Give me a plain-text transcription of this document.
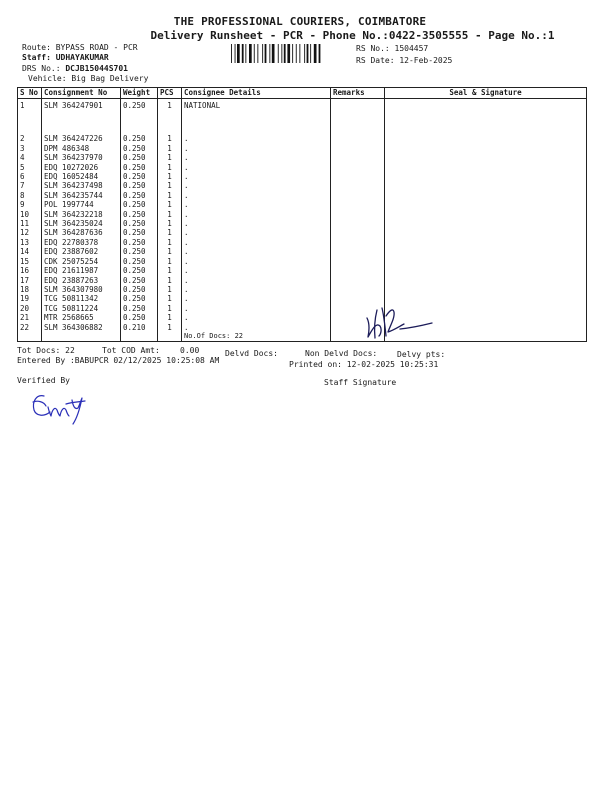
THE PROFESSIONAL COURIERS, COIMBATORE
Delivery Runsheet - PCR - Phone No.:0422-3505555 - Page No.:1
Route: BYPASS ROAD - PCR
Staff: UDHAYAKUMAR
DRS No.: DCJB15044S701
Vehicle: Big Bag Delivery
RS No.: 1504457
RS Date: 12-Feb-2025
S No	Consignment No	Weight	PCS	Consignee Details	Remarks	Seal & Signature
1	SLM 364247901	0.250	1	NATIONAL		

2	SLM 364247226	0.250	1	.		
3	DPM 486348	0.250	1	.		
4	SLM 364237970	0.250	1	.		
5	EDQ 10272026	0.250	1	.		
6	EDQ 16052484	0.250	1	.		
7	SLM 364237498	0.250	1	.		
8	SLM 364235744	0.250	1	.		
9	POL 1997744	0.250	1	.		
10	SLM 364232218	0.250	1	.		
11	SLM 364235024	0.250	1	.		
12	SLM 364287636	0.250	1	.		
13	EDQ 22780378	0.250	1	.		
14	EDQ 23887602	0.250	1	.		
15	CDK 25075254	0.250	1	.		
16	EDQ 21611987	0.250	1	.		
17	EDQ 23887263	0.250	1	.		
18	SLM 364307980	0.250	1	.		
19	TCG 50811342	0.250	1	.		
20	TCG 50811224	0.250	1	.		
21	MTR 2568665	0.250	1	.		
22	SLM 364306882	0.210	1	.		
				No.Of Docs: 22		
Tot Docs: 22	Tot COD Amt:	0.00	Delvd Docs:	Non Delvd Docs: Delvy pts:
Entered By :BABUPCR 02/12/2025 10:25:08 AM	Printed on: 12-02-2025 10:25:31
Verified By	Staff Signature
